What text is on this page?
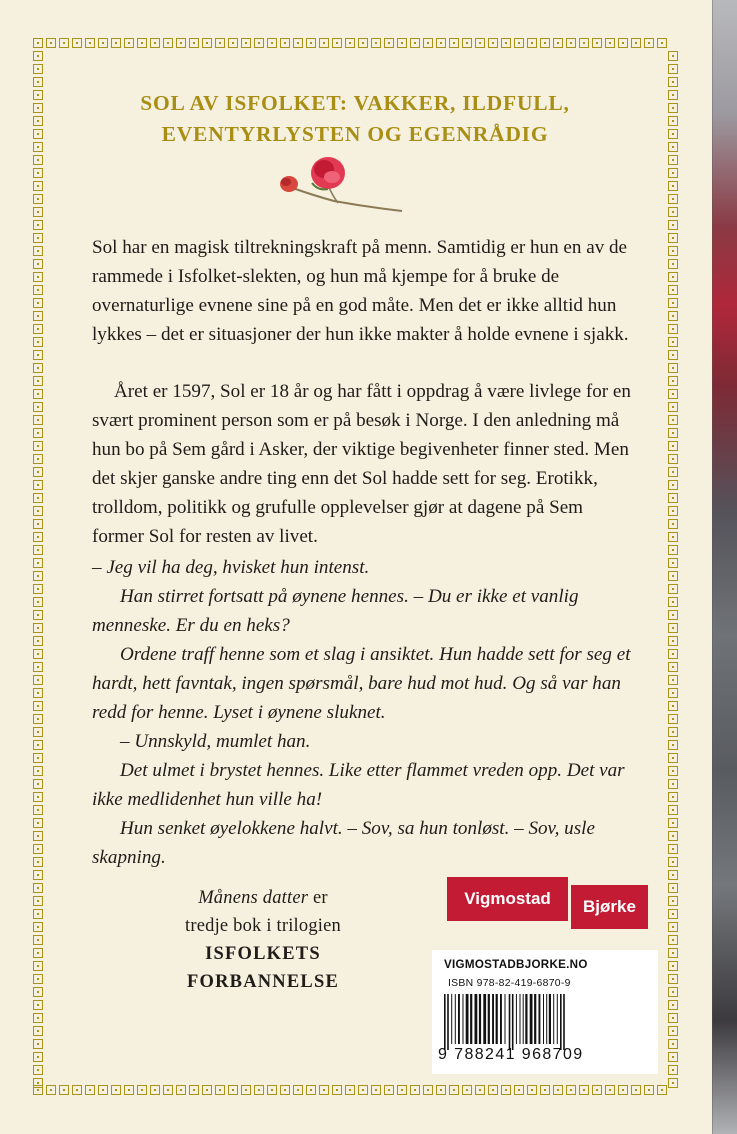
SOL AV ISFOLKET: VAKKER, ILDFULL,
EVENTYRLYSTEN OG EGENRÅDIG

Sol har en magisk tiltrekningskraft på menn. Samtidig er hun en av de rammede i Isfolket-slekten, og hun må kjempe for å bruke de overnaturlige evnene sine på en god måte. Men det er ikke alltid hun lykkes – det er situasjoner der hun ikke makter å holde evnene i sjakk.

Året er 1597, Sol er 18 år og har fått i oppdrag å være livlege for en svært prominent person som er på besøk i Norge. I den anledning må hun bo på Sem gård i Asker, der viktige begivenheter finner sted. Men det skjer ganske andre ting enn det Sol hadde sett for seg. Erotikk, trolldom, politikk og grufulle opplevelser gjør at dagene på Sem former Sol for resten av livet.

– Jeg vil ha deg, hvisket hun intenst.

Han stirret fortsatt på øynene hennes. – Du er ikke et vanlig menneske. Er du en heks?

Ordene traff henne som et slag i ansiktet. Hun hadde sett for seg et hardt, hett favntak, ingen spørsmål, bare hud mot hud. Og så var han redd for henne. Lyset i øynene sluknet.

– Unnskyld, mumlet han.

Det ulmet i brystet hennes. Like etter flammet vreden opp. Det var ikke medlidenhet hun ville ha!

Hun senket øyelokkene halvt. – Sov, sa hun tonløst. – Sov, usle skapning.

Månens datter er
tredje bok i trilogien
ISFOLKETS
FORBANNELSE
Vigmostad	Bjørke
VIGMOSTADBJORKE.NO
ISBN 978-82-419-6870-9
9 788241 968709
